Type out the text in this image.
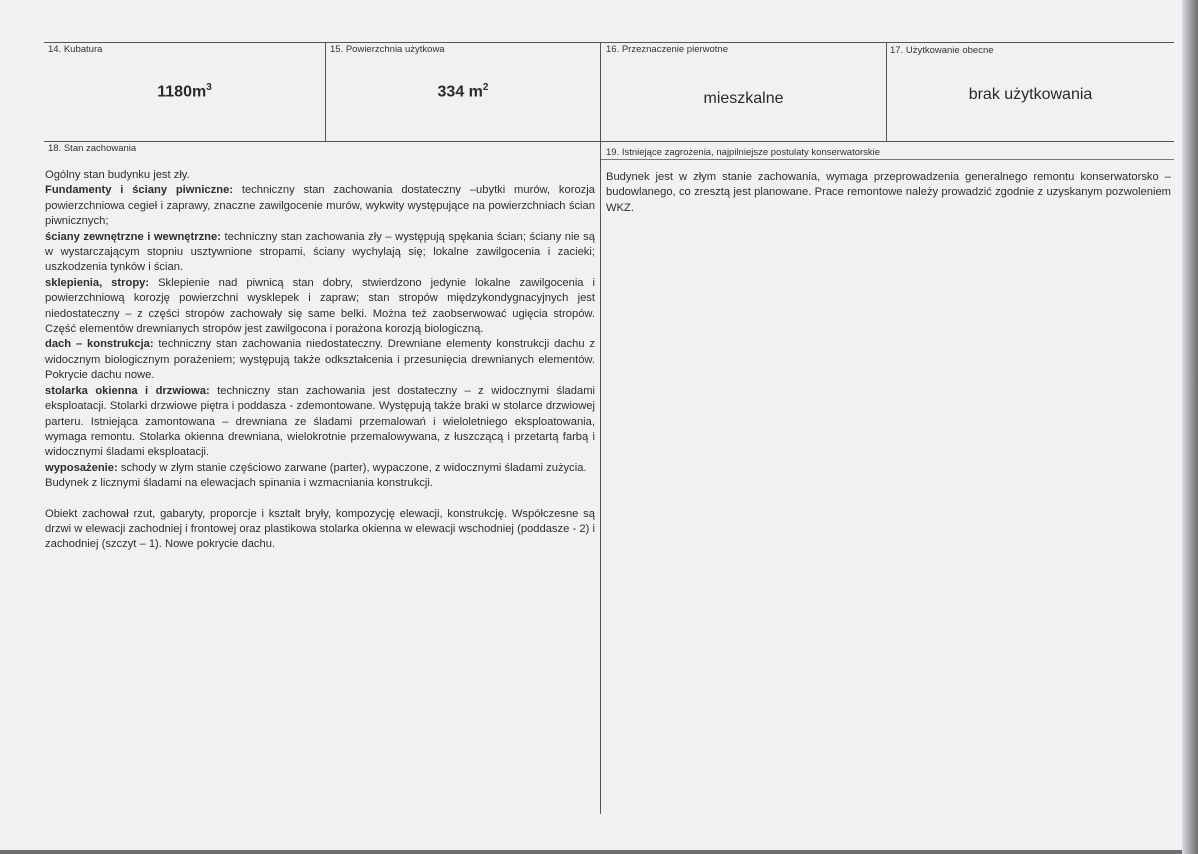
14. Kubatura
$1180m^3$
15. Powierzchnia użytkowa
334 $m^2$
16. Przeznaczenie pierwotne
mieszkalne
17. Użytkowanie obecne
brak użytkowania
18. Stan zachowania

Ogólny stan budynku jest zły.

Fundamenty i ściany piwniczne: techniczny stan zachowania dostateczny –ubytki murów, korozja powierzchniowa cegieł i zaprawy, znaczne zawilgocenie murów, wykwity występujące na powierzchniach ścian piwnicznych;

ściany zewnętrzne i wewnętrzne: techniczny stan zachowania zły – występują spękania ścian; ściany nie są w wystarczającym stopniu usztywnione stropami, ściany wychylają się; lokalne zawilgocenia i zacieki; uszkodzenia tynków i ścian.

sklepienia, stropy: Sklepienie nad piwnicą stan dobry, stwierdzono jedynie lokalne zawilgocenia i powierzchniową korozję powierzchni wysklepek i zapraw; stan stropów międzykondygnacyjnych jest niedostateczny – z części stropów zachowały się same belki. Można też zaobserwować ugięcia stropów. Część elementów drewnianych stropów jest zawilgocona i porażona korozją biologiczną.

dach – konstrukcja: techniczny stan zachowania niedostateczny. Drewniane elementy konstrukcji dachu z widocznym biologicznym porażeniem; występują także odkształcenia i przesunięcia drewnianych elementów. Pokrycie dachu nowe.

stolarka okienna i drzwiowa: techniczny stan zachowania jest dostateczny – z widocznymi śladami eksploatacji. Stolarki drzwiowe piętra i poddasza - zdemontowane. Występują także braki w stolarce drzwiowej parteru. Istniejąca zamontowana – drewniana ze śladami przemalowań i wieloletniego eksploatowania, wymaga remontu. Stolarka okienna drewniana, wielokrotnie przemalowywana, z łuszczącą i przetartą farbą i widocznymi śladami eksploatacji.

wyposażenie: schody w złym stanie częściowo zarwane (parter), wypaczone, z widocznymi śladami zużycia.

Budynek z licznymi śladami na elewacjach spinania i wzmacniania konstrukcji.

Obiekt zachował rzut, gabaryty, proporcje i kształt bryły, kompozycję elewacji, konstrukcję. Współczesne są drzwi w elewacji zachodniej i frontowej oraz plastikowa stolarka okienna w elewacji wschodniej (poddasze - 2) i zachodniej (szczyt – 1). Nowe pokrycie dachu.

19. Istniejące zagrożenia, najpilniejsze postulaty konserwatorskie
Budynek jest w złym stanie zachowania, wymaga przeprowadzenia generalnego remontu konserwatorsko – budowlanego, co zresztą jest planowane. Prace remontowe należy prowadzić zgodnie z uzyskanym pozwoleniem WKZ.
